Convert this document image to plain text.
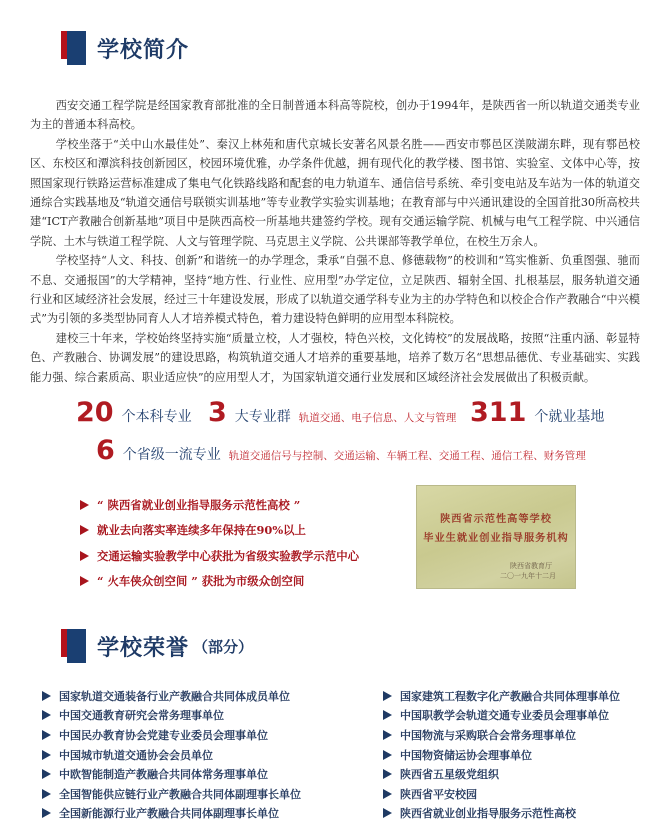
学校简介

西安交通工程学院是经国家教育部批准的全日制普通本科高等院校，创办于1994年，是陕西省一所以轨道交通类专业为主的普通本科高校。

学校坐落于“关中山水最佳处”、秦汉上林苑和唐代京城长安著名风景名胜——西安市鄠邑区渼陂湖东畔，现有鄠邑校区、东校区和潭滨科技创新园区，校园环境优雅，办学条件优越，拥有现代化的教学楼、图书馆、实验室、文体中心等，按照国家现行铁路运营标准建成了集电气化铁路线路和配套的电力轨道车、通信信号系统、牵引变电站及车站为一体的轨道交通综合实践基地及“轨道交通信号联锁实训基地”等专业教学实验实训基地；在教育部与中兴通讯建设的全国首批30所高校共建“ICT产教融合创新基地”项目中是陕西高校一所基地共建签约学校。现有交通运输学院、机械与电气工程学院、中兴通信学院、土木与铁道工程学院、人文与管理学院、马克思主义学院、公共课部等教学单位，在校生万余人。

学校坚持“人文、科技、创新”和谐统一的办学理念，秉承“自强不息、修德载物”的校训和“笃实惟新、负重图强、驰而不息、交通报国”的大学精神，坚持“地方性、行业性、应用型”办学定位，立足陕西、辐射全国、扎根基层，服务轨道交通行业和区域经济社会发展，经过三十年建设发展，形成了以轨道交通学科专业为主的办学特色和以校企合作产教融合“中兴模式”为引领的多类型协同育人人才培养模式特色，着力建设特色鲜明的应用型本科院校。

建校三十年来，学校始终坚持实施“质量立校，人才强校，特色兴校，文化铸校”的发展战略，按照“注重内涵、彰显特色、产教融合、协调发展”的建设思路，构筑轨道交通人才培养的重要基地，培养了数万名“思想品德优、专业基础实、实践能力强、综合素质高、职业适应快”的应用型人才，为国家轨道交通行业发展和区域经济社会发展做出了积极贡献。

20 个本科专业 3 大专业群 轨道交通、电子信息、人文与管理 311 个就业基地
6 个省级一流专业 轨道交通信号与控制、交通运输、车辆工程、交通工程、通信工程、财务管理
“ 陕西省就业创业指导服务示范性高校 ”
就业去向落实率连续多年保持在90%以上
交通运输实验教学中心获批为省级实验教学示范中心
“ 火车侠众创空间 ” 获批为市级众创空间
陕西省示范性高等学校
毕业生就业创业指导服务机构
陕西省教育厅
二〇一九年十二月
学校荣誉 （部分）
国家轨道交通装备行业产教融合共同体成员单位
中国交通教育研究会常务理事单位
中国民办教育协会党建专业委员会理事单位
中国城市轨道交通协会会员单位
中欧智能制造产教融合共同体常务理事单位
全国智能供应链行业产教融合共同体副理事长单位
全国新能源行业产教融合共同体副理事长单位
国家建筑工程数字化产教融合共同体理事单位
中国职教学会轨道交通专业委员会理事单位
中国物流与采购联合会常务理事单位
中国物资储运协会理事单位
陕西省五星级党组织
陕西省平安校园
陕西省就业创业指导服务示范性高校
